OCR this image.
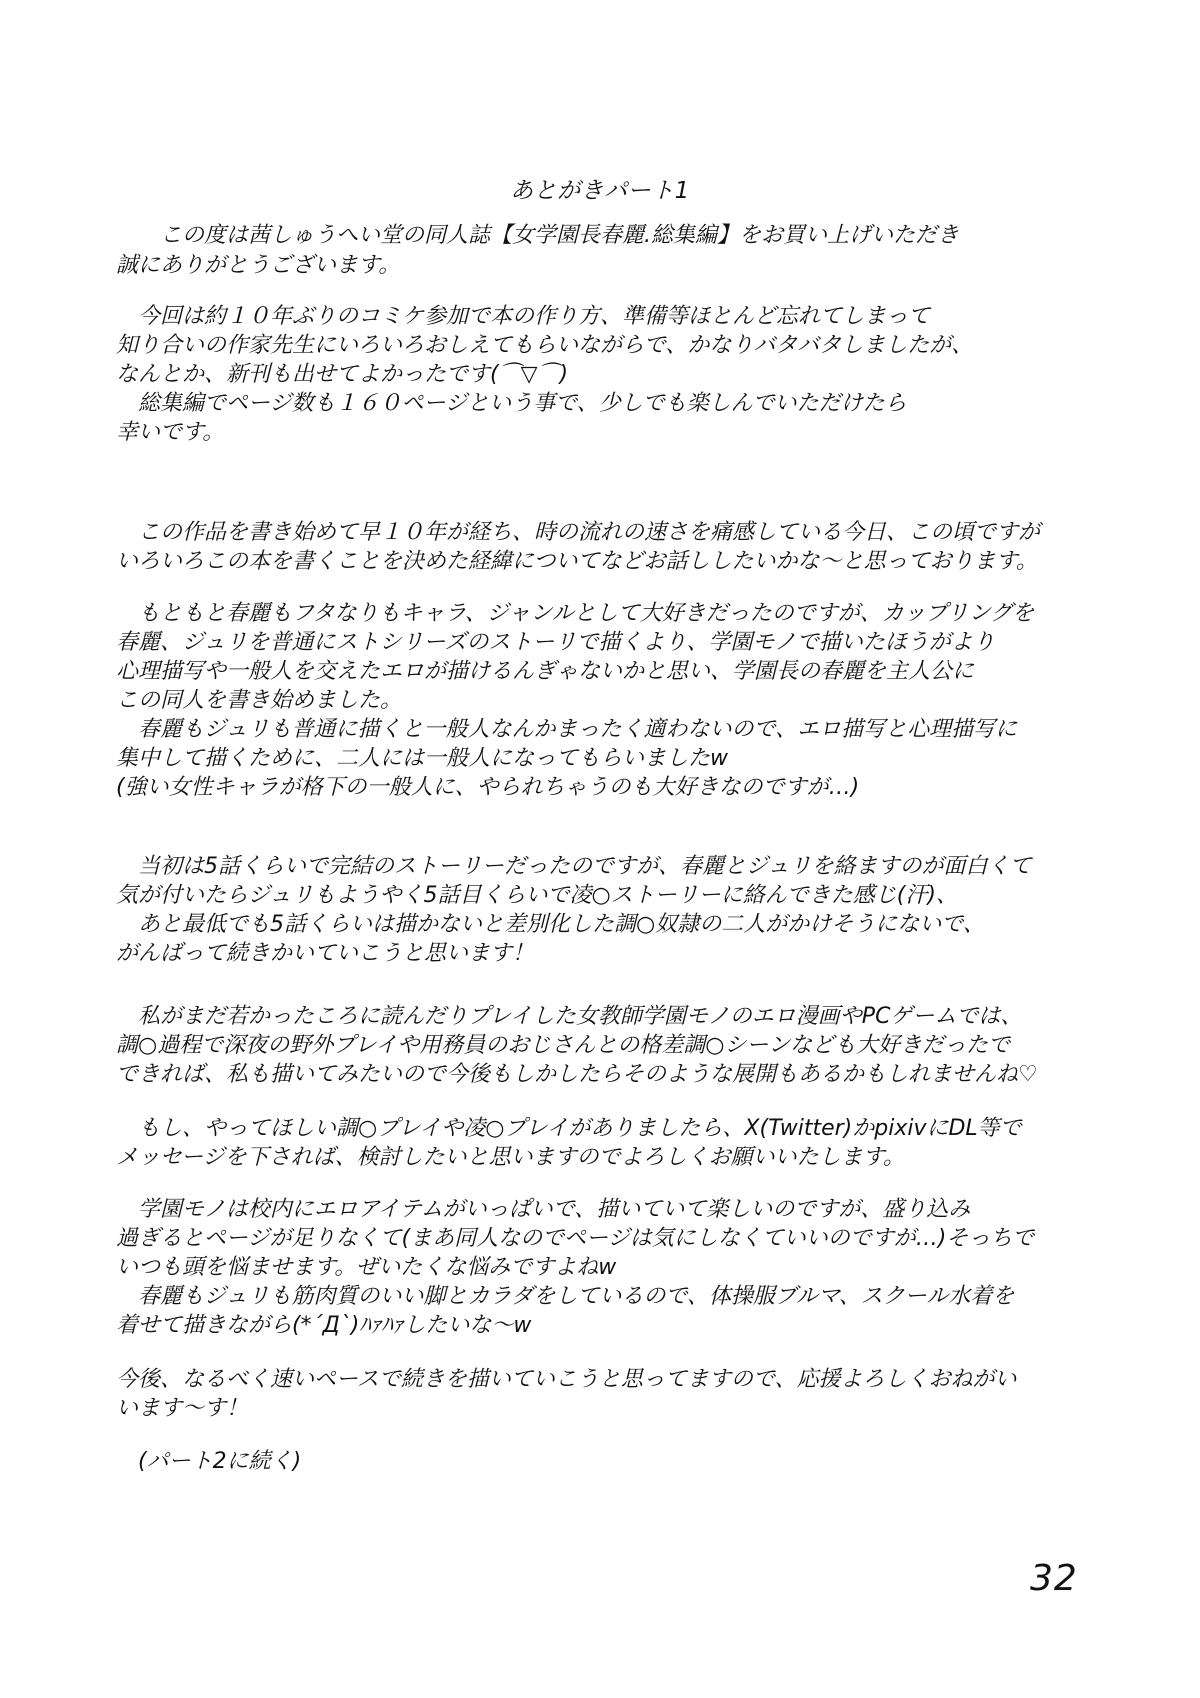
あとがきパート1
　　この度は茜しゅうへい堂の同人誌【女学園長春麗.総集編】をお買い上げいただき
誠にありがとうございます。
　今回は約１０年ぶりのコミケ参加で本の作り方、準備等ほとんど忘れてしまって
知り合いの作家先生にいろいろおしえてもらいながらで、かなりバタバタしましたが、
なんとか、新刊も出せてよかったです(⌒▽⌒)
　総集編でページ数も１６０ページという事で、少しでも楽しんでいただけたら
幸いです。
　この作品を書き始めて早１０年が経ち、時の流れの速さを痛感している今日、この頃ですが
いろいろこの本を書くことを決めた経緯についてなどお話ししたいかな～と思っております。
　もともと春麗もフタなりもキャラ、ジャンルとして大好きだったのですが、カップリングを
春麗、ジュリを普通にストシリーズのストーリで描くより、学園モノで描いたほうがより
心理描写や一般人を交えたエロが描けるんぎゃないかと思い、学園長の春麗を主人公に
この同人を書き始めました。
　春麗もジュリも普通に描くと一般人なんかまったく適わないので、エロ描写と心理描写に
集中して描くために、二人には一般人になってもらいましたw
(強い女性キャラが格下の一般人に、やられちゃうのも大好きなのですが…)
　当初は5話くらいで完結のストーリーだったのですが、春麗とジュリを絡ますのが面白くて
気が付いたらジュリもようやく5話目くらいで凌○ストーリーに絡んできた感じ(汗)、
　あと最低でも5話くらいは描かないと差別化した調○奴隷の二人がかけそうにないで、
がんばって続きかいていこうと思います！
　私がまだ若かったころに読んだりプレイした女教師学園モノのエロ漫画やPCゲームでは、
調○過程で深夜の野外プレイや用務員のおじさんとの格差調○シーンなども大好きだったで
できれば、私も描いてみたいので今後もしかしたらそのような展開もあるかもしれませんね♡
　もし、やってほしい調○プレイや凌○プレイがありましたら、X(Twitter)かpixivにDL等で
メッセージを下されば、検討したいと思いますのでよろしくお願いいたします。
　学園モノは校内にエロアイテムがいっぱいで、描いていて楽しいのですが、盛り込み
過ぎるとページが足りなくて(まあ同人なのでページは気にしなくていいのですが…)そっちで
いつも頭を悩ませます。ぜいたくな悩みですよねw
　春麗もジュリも筋肉質のいい脚とカラダをしているので、体操服ブルマ、スクール水着を
着せて描きながら(*´Д`)ﾊｧﾊｧしたいな～w
今後、なるべく速いペースで続きを描いていこうと思ってますので、応援よろしくおねがい
います～す！
　(パート2に続く)
32
